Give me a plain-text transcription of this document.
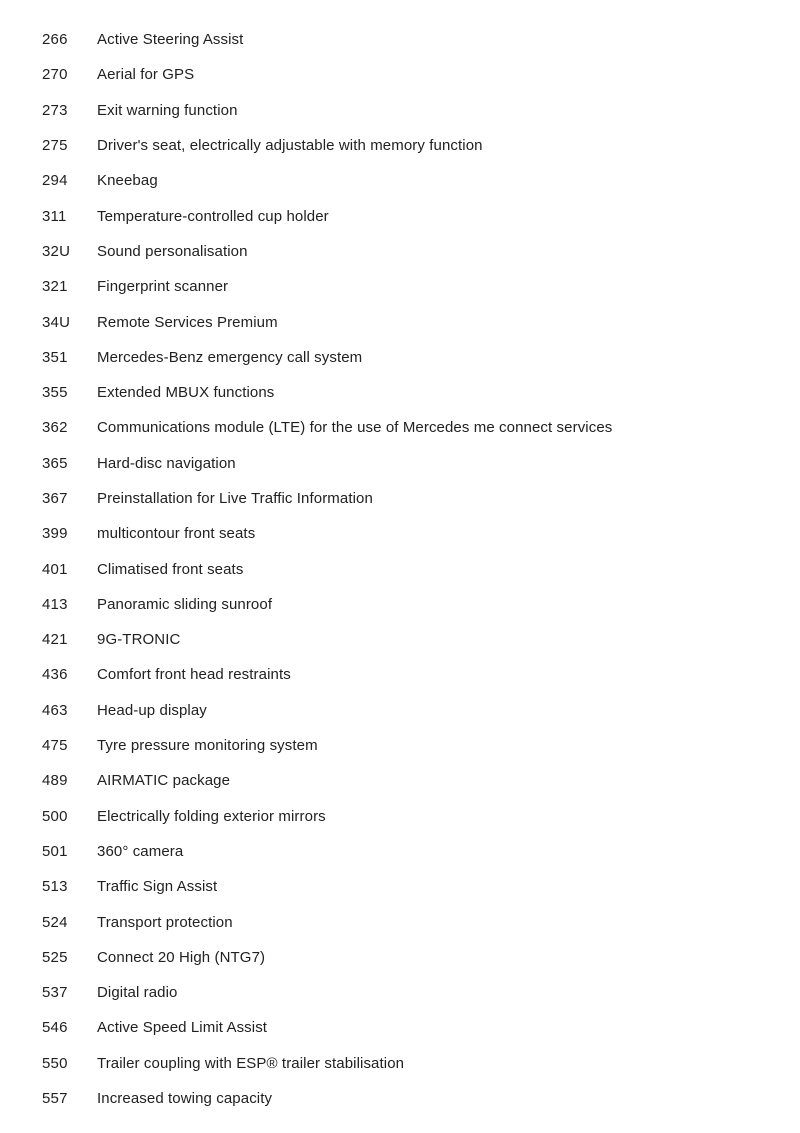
266	Active Steering Assist
270	Aerial for GPS
273	Exit warning function
275	Driver's seat, electrically adjustable with memory function
294	Kneebag
311	Temperature-controlled cup holder
32U	Sound personalisation
321	Fingerprint scanner
34U	Remote Services Premium
351	Mercedes-Benz emergency call system
355	Extended MBUX functions
362	Communications module (LTE) for the use of Mercedes me connect services
365	Hard-disc navigation
367	Preinstallation for Live Traffic Information
399	multicontour front seats
401	Climatised front seats
413	Panoramic sliding sunroof
421	9G-TRONIC
436	Comfort front head restraints
463	Head-up display
475	Tyre pressure monitoring system
489	AIRMATIC package
500	Electrically folding exterior mirrors
501	360° camera
513	Traffic Sign Assist
524	Transport protection
525	Connect 20 High (NTG7)
537	Digital radio
546	Active Speed Limit Assist
550	Trailer coupling with ESP® trailer stabilisation
557	Increased towing capacity
